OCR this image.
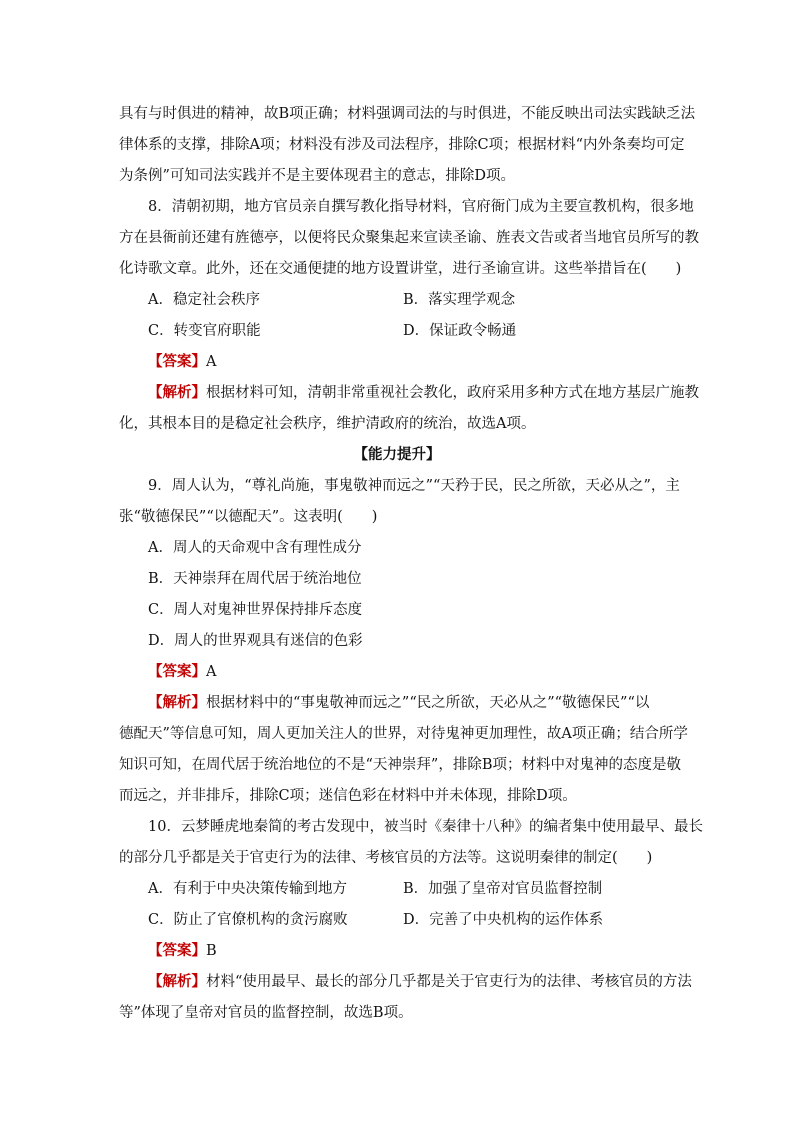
具有与时俱进的精神，故B项正确；材料强调司法的与时俱进，不能反映出司法实践缺乏法
律体系的支撑，排除A项；材料没有涉及司法程序，排除C项；根据材料“内外条奏均可定
为条例”可知司法实践并不是主要体现君主的意志，排除D项。
8．清朝初期，地方官员亲自撰写教化指导材料，官府衙门成为主要宣教机构，很多地
方在县衙前还建有旌德亭，以便将民众聚集起来宣读圣谕、旌表文告或者当地官员所写的教
化诗歌文章。此外，还在交通便捷的地方设置讲堂，进行圣谕宣讲。这些举措旨在(　　)
A．稳定社会秩序	B．落实理学观念
C．转变官府职能	D．保证政令畅通
【答案】A
【解析】根据材料可知，清朝非常重视社会教化，政府采用多种方式在地方基层广施教
化，其根本目的是稳定社会秩序，维护清政府的统治，故选A项。
【能力提升】
9．周人认为，“尊礼尚施，事鬼敬神而远之”“天矜于民，民之所欲，天必从之”，主
张“敬德保民”“以德配天”。这表明(　　)
A．周人的天命观中含有理性成分
B．天神崇拜在周代居于统治地位
C．周人对鬼神世界保持排斥态度
D．周人的世界观具有迷信的色彩
【答案】A
【解析】根据材料中的“事鬼敬神而远之”“民之所欲，天必从之”“敬德保民”“以
德配天”等信息可知，周人更加关注人的世界，对待鬼神更加理性，故A项正确；结合所学
知识可知，在周代居于统治地位的不是“天神崇拜”，排除B项；材料中对鬼神的态度是敬
而远之，并非排斥，排除C项；迷信色彩在材料中并未体现，排除D项。
10．云梦睡虎地秦简的考古发现中，被当时《秦律十八种》的编者集中使用最早、最长
的部分几乎都是关于官吏行为的法律、考核官员的方法等。这说明秦律的制定(　　)
A．有利于中央决策传输到地方	B．加强了皇帝对官员监督控制
C．防止了官僚机构的贪污腐败	D．完善了中央机构的运作体系
【答案】B
【解析】材料“使用最早、最长的部分几乎都是关于官吏行为的法律、考核官员的方法
等”体现了皇帝对官员的监督控制，故选B项。
